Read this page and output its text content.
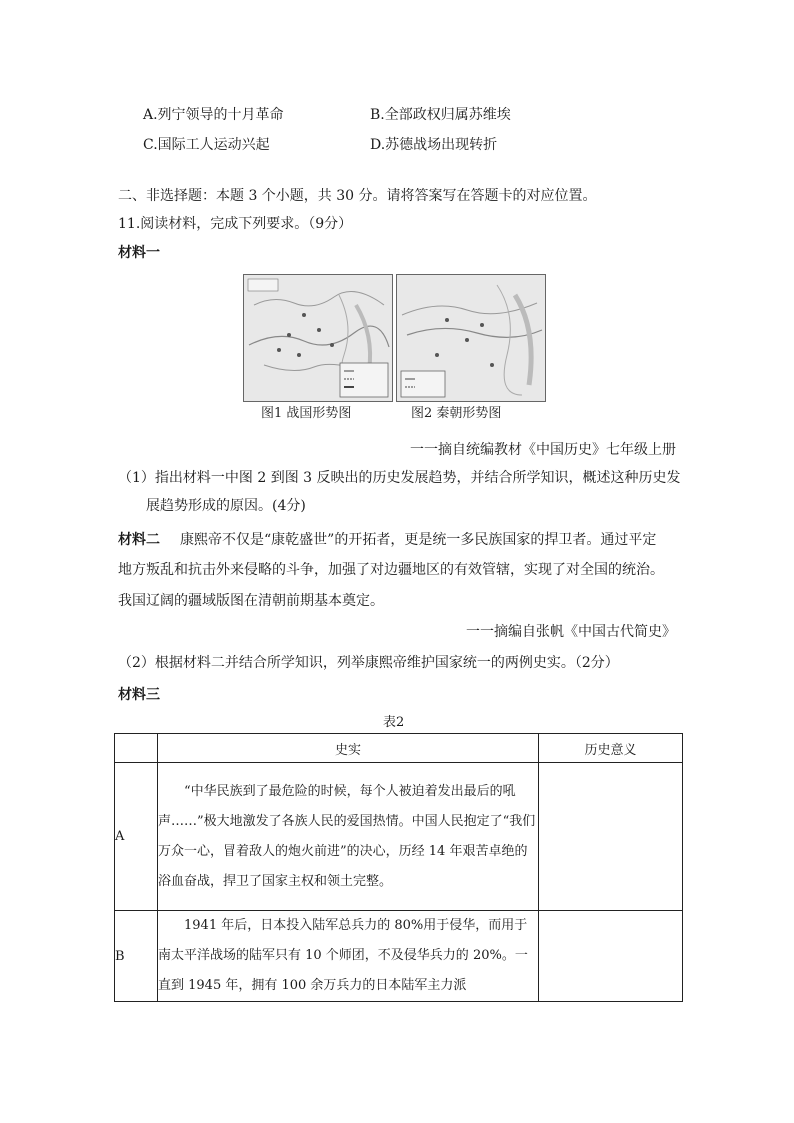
A.列宁领导的十月革命	B.全部政权归属苏维埃
C.国际工人运动兴起	D.苏德战场出现转折
二、非选择题：本题 3 个小题，共 30 分。请将答案写在答题卡的对应位置。
11.阅读材料，完成下列要求。（9分）
材料一
图1 战国形势图	图2 秦朝形势图
一一摘自统编教材《中国历史》七年级上册
（1）指出材料一中图 2 到图 3 反映出的历史发展趋势，并结合所学知识，概述这种历史发
展趋势形成的原因。(4分)
材料二 康熙帝不仅是“康乾盛世”的开拓者，更是统一多民族国家的捍卫者。通过平定
地方叛乱和抗击外来侵略的斗争，加强了对边疆地区的有效管辖，实现了对全国的统治。
我国辽阔的疆域版图在清朝前期基本奠定。
一一摘编自张帆《中国古代简史》
（2）根据材料二并结合所学知识，列举康熙帝维护国家统一的两例史实。（2分）
材料三
表2
	史实	历史意义
A	“中华民族到了最危险的时候，每个人被迫着发出最后的吼声……”极大地激发了各族人民的爱国热情。中国人民抱定了“我们万众一心，冒着敌人的炮火前进”的决心，历经 14 年艰苦卓绝的浴血奋战，捍卫了国家主权和领土完整。	
B	1941 年后，日本投入陆军总兵力的 80%用于侵华，而用于南太平洋战场的陆军只有 10 个师团，不及侵华兵力的 20%。一直到 1945 年，拥有 100 余万兵力的日本陆军主力派	
